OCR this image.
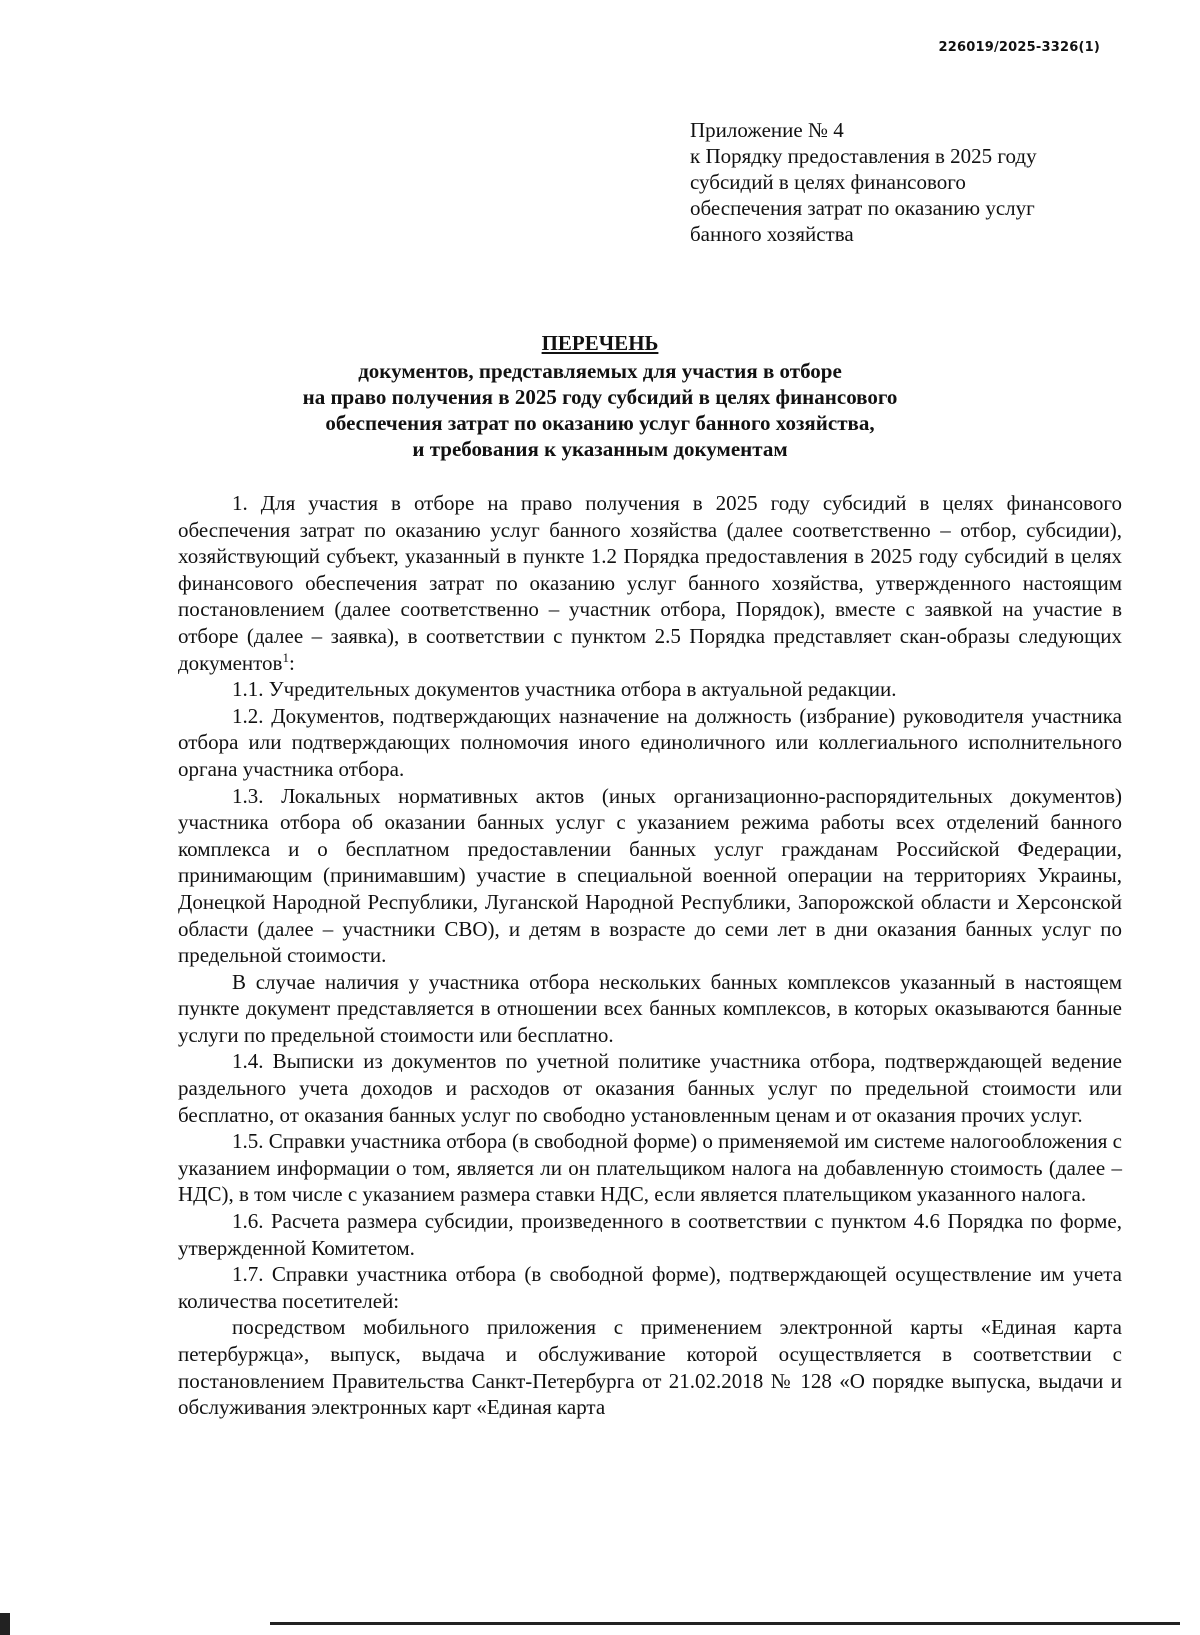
226019/2025-3326(1)
Приложение № 4
к Порядку предоставления в 2025 году
субсидий в целях финансового
обеспечения затрат по оказанию услуг
банного хозяйства
ПЕРЕЧЕНЬ
документов, представляемых для участия в отборе
на право получения в 2025 году субсидий в целях финансового
обеспечения затрат по оказанию услуг банного хозяйства,
и требования к указанным документам

1. Для участия в отборе на право получения в 2025 году субсидий в целях финансового обеспечения затрат по оказанию услуг банного хозяйства (далее соответственно – отбор, субсидии), хозяйствующий субъект, указанный в пункте 1.2 Порядка предоставления в 2025 году субсидий в целях финансового обеспечения затрат по оказанию услуг банного хозяйства, утвержденного настоящим постановлением (далее соответственно – участник отбора, Порядок), вместе с заявкой на участие в отборе (далее – заявка), в соответствии с пунктом 2.5 Порядка представляет скан-образы следующих документов$^1$:

1.1. Учредительных документов участника отбора в актуальной редакции.

1.2. Документов, подтверждающих назначение на должность (избрание) руководителя участника отбора или подтверждающих полномочия иного единоличного или коллегиального исполнительного органа участника отбора.

1.3. Локальных нормативных актов (иных организационно-распорядительных документов) участника отбора об оказании банных услуг с указанием режима работы всех отделений банного комплекса и о бесплатном предоставлении банных услуг гражданам Российской Федерации, принимающим (принимавшим) участие в специальной военной операции на территориях Украины, Донецкой Народной Республики, Луганской Народной Республики, Запорожской области и Херсонской области (далее – участники СВО), и детям в возрасте до семи лет в дни оказания банных услуг по предельной стоимости.

В случае наличия у участника отбора нескольких банных комплексов указанный в настоящем пункте документ представляется в отношении всех банных комплексов, в которых оказываются банные услуги по предельной стоимости или бесплатно.

1.4. Выписки из документов по учетной политике участника отбора, подтверждающей ведение раздельного учета доходов и расходов от оказания банных услуг по предельной стоимости или бесплатно, от оказания банных услуг по свободно установленным ценам и от оказания прочих услуг.

1.5. Справки участника отбора (в свободной форме) о применяемой им системе налогообложения с указанием информации о том, является ли он плательщиком налога на добавленную стоимость (далее – НДС), в том числе с указанием размера ставки НДС, если является плательщиком указанного налога.

1.6. Расчета размера субсидии, произведенного в соответствии с пунктом 4.6 Порядка по форме, утвержденной Комитетом.

1.7. Справки участника отбора (в свободной форме), подтверждающей осуществление им учета количества посетителей:

посредством мобильного приложения с применением электронной карты «Единая карта петербуржца», выпуск, выдача и обслуживание которой осуществляется в соответствии с постановлением Правительства Санкт-Петербурга от 21.02.2018 № 128 «О порядке выпуска, выдачи и обслуживания электронных карт «Единая карта
